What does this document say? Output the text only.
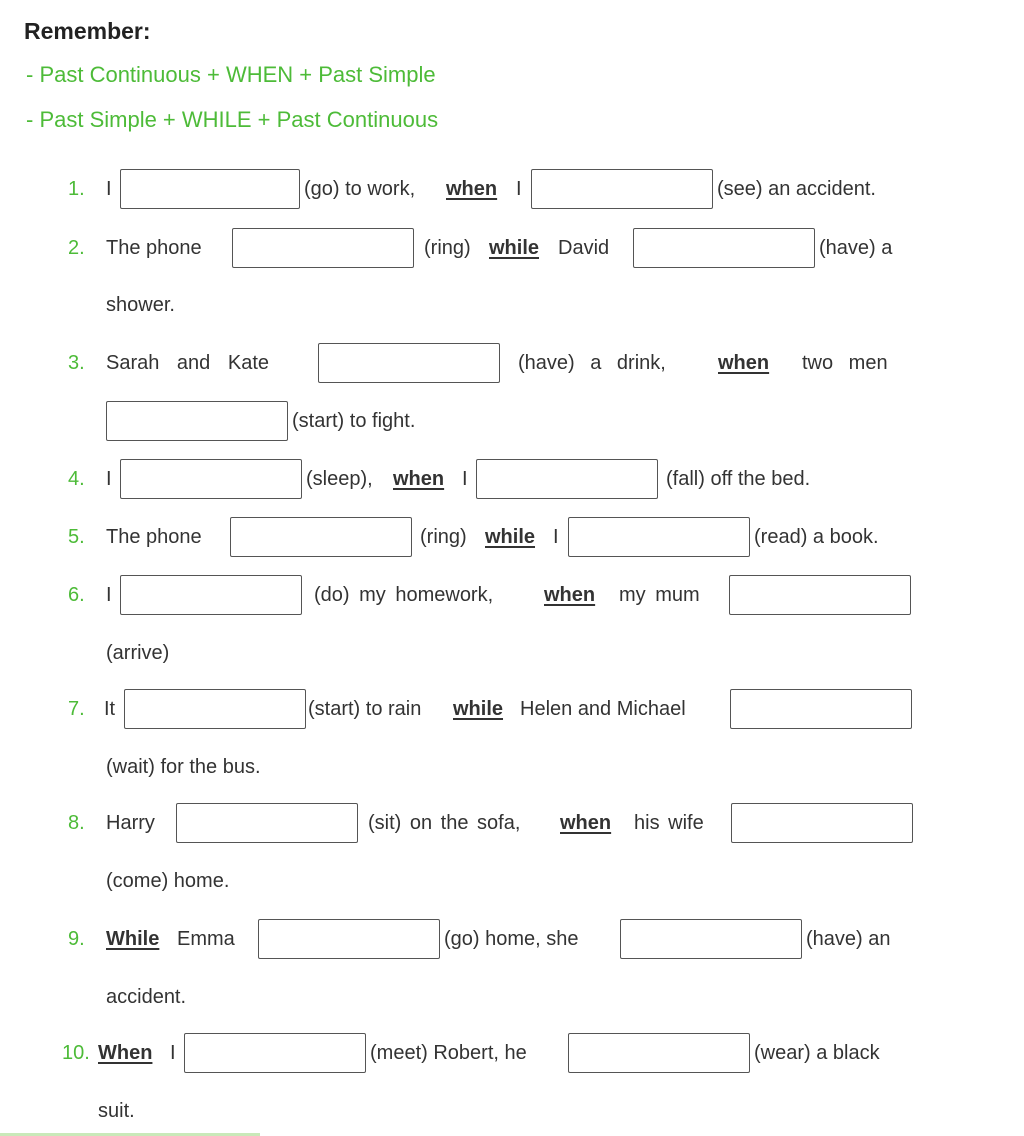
Remember:
- Past Continuous + WHEN + Past Simple
- Past Simple + WHILE + Past Continuous
1. I	(go) to work, when I	(see) an accident.
2. The phone	(ring) while David	(have) a
shower.
3. Sarah and Kate	(have) a drink,	when two men
(start) to fight.
4. I	(sleep), when I	(fall) off the bed.
5. The phone	(ring) while I	(read) a book.
6. I	(do) my homework,	when my mum
(arrive)
7. It	(start) to rain while Helen and Michael
(wait) for the bus.
8. Harry	(sit) on the sofa, when his wife
(come) home.
9. While Emma	(go) home, she	(have) an
accident.
10. When I	(meet) Robert, he	(wear) a black
suit.
